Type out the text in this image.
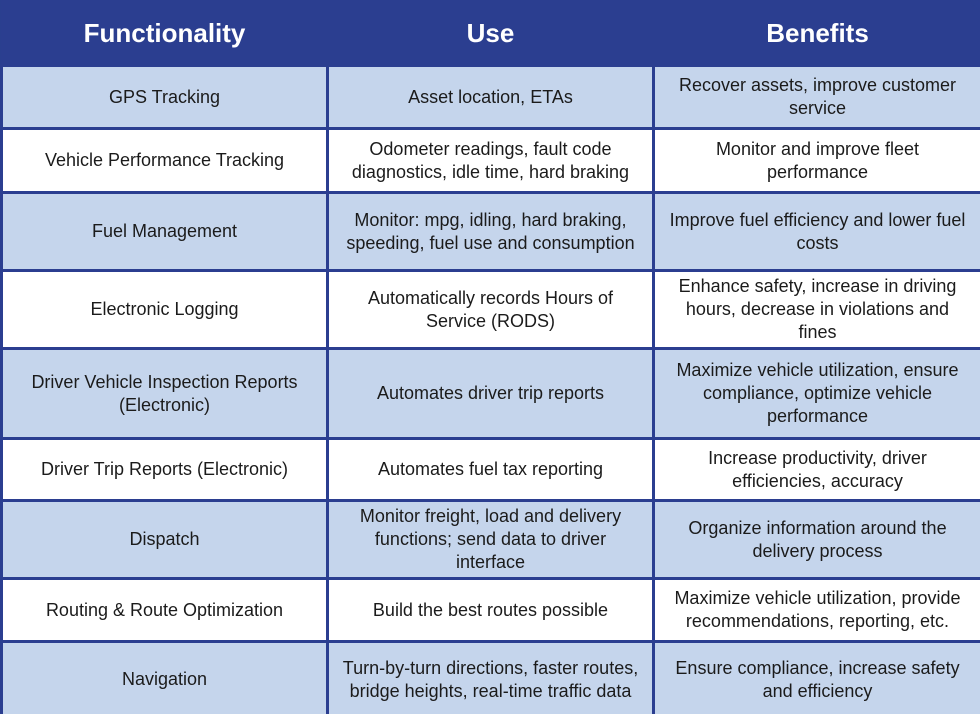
Functionality	Use	Benefits
GPS Tracking	Asset location, ETAs	Recover assets, improve customer service
Vehicle Performance Tracking	Odometer readings, fault code diagnostics, idle time, hard braking	Monitor and improve fleet performance
Fuel Management	Monitor: mpg, idling, hard braking, speeding, fuel use and consumption	Improve fuel efficiency and lower fuel costs
Electronic Logging	Automatically records Hours of Service (RODS)	Enhance safety, increase in driving hours, decrease in violations and fines
Driver Vehicle Inspection Reports (Electronic)	Automates driver trip reports	Maximize vehicle utilization, ensure compliance, optimize vehicle performance
Driver Trip Reports (Electronic)	Automates fuel tax reporting	Increase productivity, driver efficiencies, accuracy
Dispatch	Monitor freight, load and delivery functions; send data to driver interface	Organize information around the delivery process
Routing & Route Optimization	Build the best routes possible	Maximize vehicle utilization, provide recommendations, reporting, etc.
Navigation	Turn-by-turn directions, faster routes, bridge heights, real-time traffic data	Ensure compliance, increase safety and efficiency
